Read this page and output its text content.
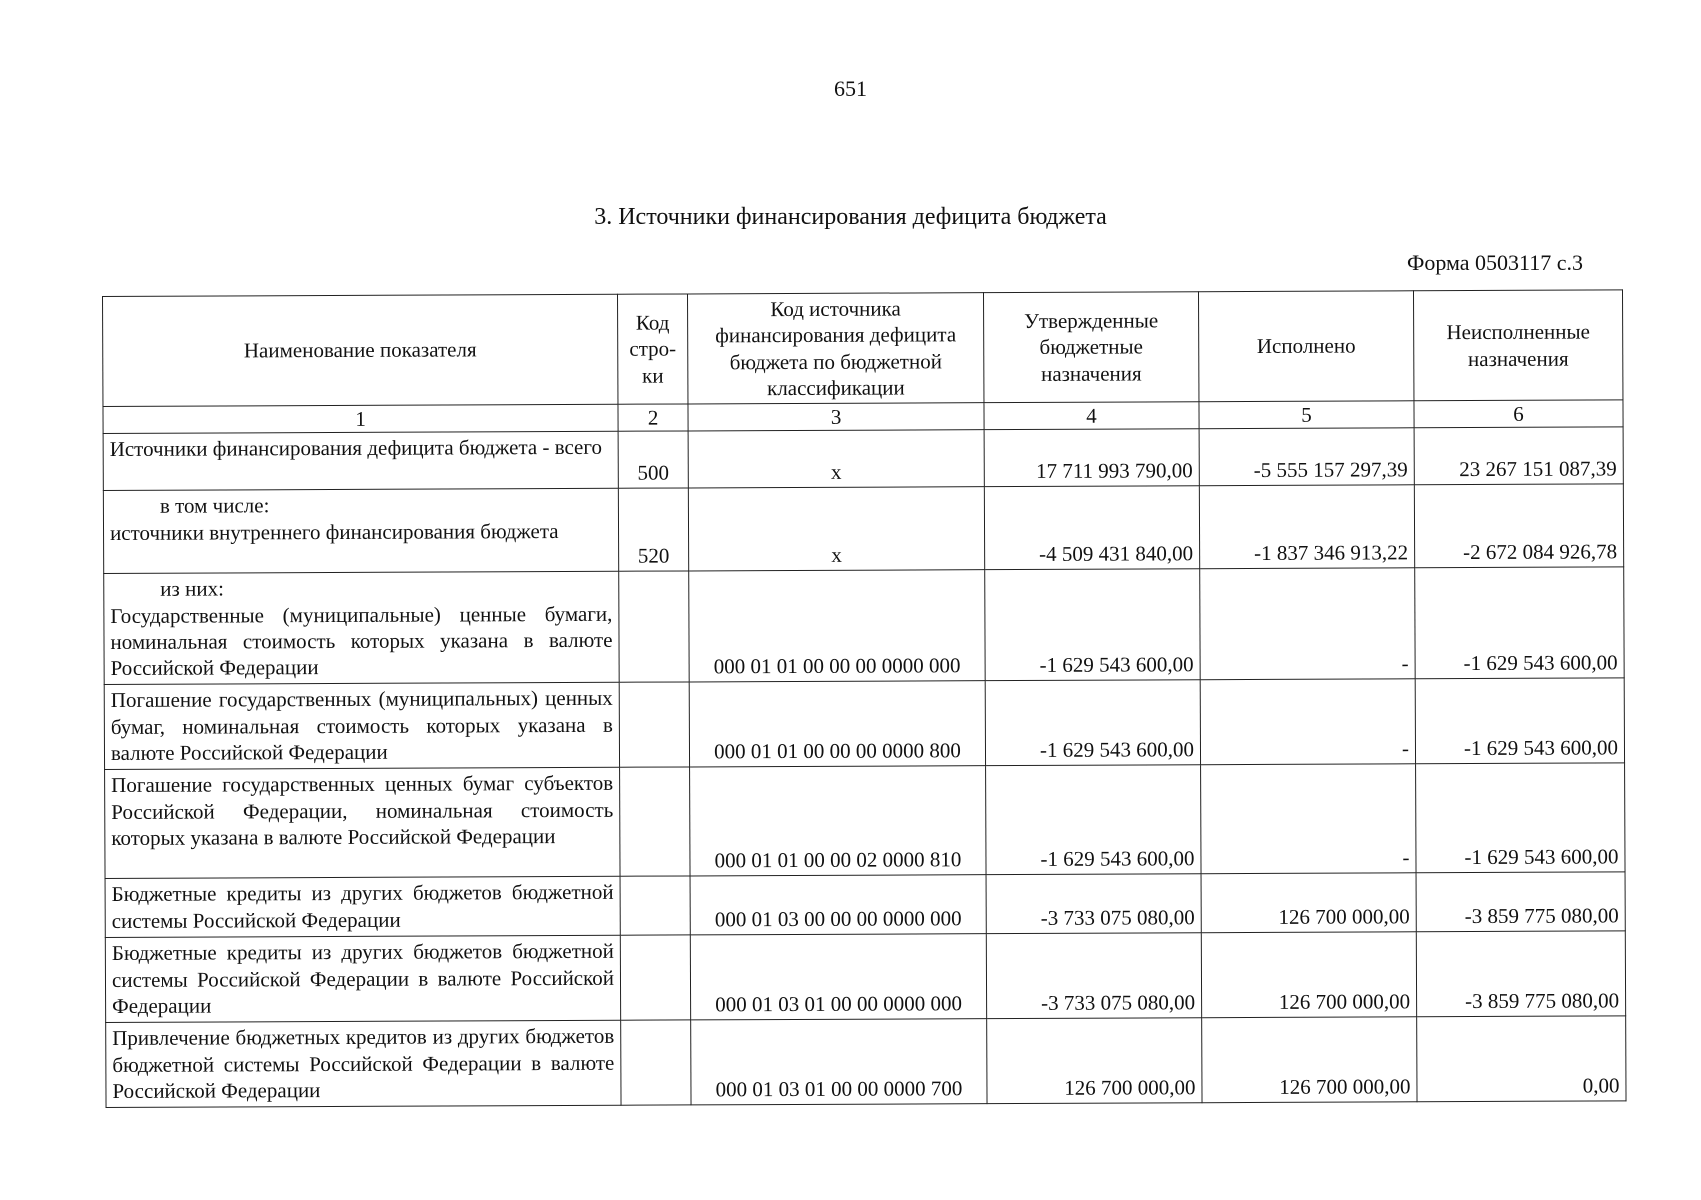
651
3. Источники финансирования дефицита бюджета
Форма 0503117 с.3
Наименование показателя	Код стро-ки	Код источника финансирования дефицита бюджета по бюджетной классификации	Утвержденные бюджетные назначения	Исполнено	Неисполненные назначения
1	2	3	4	5	6
Источники финансирования дефицита бюджета - всего	500	x	17 711 993 790,00	-5 555 157 297,39	23 267 151 087,39

в том числе:
источники внутреннего финансирования бюджета	520	x	-4 509 431 840,00	-1 837 346 913,22	-2 672 084 926,78

из них:
Государственные (муниципальные) ценные бумаги, номинальная стоимость которых указана в валюте Российской Федерации		000 01 01 00 00 00 0000 000	-1 629 543 600,00	-	-1 629 543 600,00
Погашение государственных (муниципальных) ценных бумаг, номинальная стоимость которых указана в валюте Российской Федерации		000 01 01 00 00 00 0000 800	-1 629 543 600,00	-	-1 629 543 600,00
Погашение государственных ценных бумаг субъектов Российской Федерации, номинальная стоимость которых указана в валюте Российской Федерации		000 01 01 00 00 02 0000 810	-1 629 543 600,00	-	-1 629 543 600,00
Бюджетные кредиты из других бюджетов бюджетной системы Российской Федерации		000 01 03 00 00 00 0000 000	-3 733 075 080,00	126 700 000,00	-3 859 775 080,00
Бюджетные кредиты из других бюджетов бюджетной системы Российской Федерации в валюте Российской Федерации		000 01 03 01 00 00 0000 000	-3 733 075 080,00	126 700 000,00	-3 859 775 080,00
Привлечение бюджетных кредитов из других бюджетов бюджетной системы Российской Федерации в валюте Российской Федерации		000 01 03 01 00 00 0000 700	126 700 000,00	126 700 000,00	0,00
